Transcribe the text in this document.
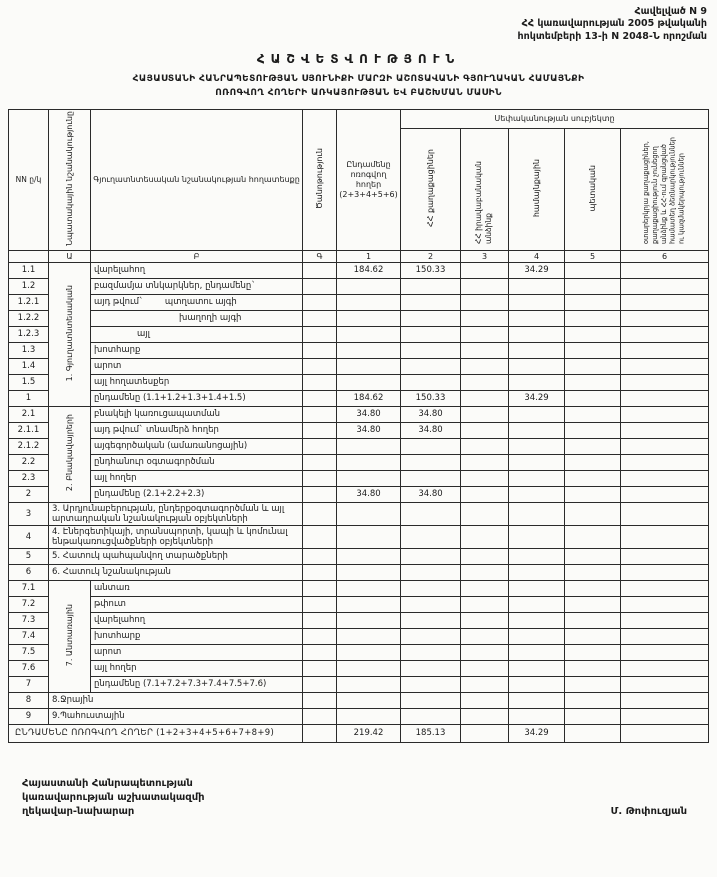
Հավելված N 9
ՀՀ կառավարության 2005 թվականի
հոկտեմբերի 13-ի N 2048-Ն որոշման
ՀԱՇՎԵՏՎՈՒԹՅՈՒՆ
ՀԱՅԱՍՏԱՆԻ ՀԱՆՐԱՊԵՏՈՒԹՅԱՆ ՍՅՈՒՆԻՔԻ ՄԱՐԶԻ ԱՇՈՏԱՎԱՆԻ ԳՅՈՒՂԱԿԱՆ ՀԱՄԱՅՆՔԻ
ՈՌՈԳՎՈՂ ՀՈՂԵՐԻ ԱՌԿԱՅՈՒԹՅԱՆ ԵՎ ԲԱՇԽՄԱՆ ՄԱՍԻՆ
NN ը/կ	Նպատակային նշանակությունը	Գյուղատնտեսական նշանակության հողատեսքը	Ծանոթություն	Ընդամենը ոռոգվող հողեր (2+3+4+5+6)	Սեփականության սուբյեկտը				
					ՀՀ քաղաքացիներ	ՀՀ իրավաբանական անձինք	համայնքային	պետական	օտարերկրյա քաղաքացիներ, քաղաքացիություն չունեցող անձինք և ՀՀ-ում գրանցված համատեղ ձեռնարկություններ ու կազմակերպություններ
	Ա	Բ	Գ	1	2	3	4	5	6
1.1	1. Գյուղատնտեսական	վարելահող		184.62	150.33		34.29		
1.2		բազմամյա տնկարկներ, ընդամենը`							
1.2.1		այդ թվում`        պտղատու այգի							
1.2.2		խաղողի այգի							
1.2.3		այլ							
1.3		խոտհարք							
1.4		արոտ							
1.5		այլ հողատեսքեր							
1		ընդամենը (1.1+1.2+1.3+1.4+1.5)		184.62	150.33		34.29		
2.1	2. Բնակավայրերի	բնակելի կառուցապատման		34.80	34.80				
2.1.1		այդ թվում` տնամերձ հողեր		34.80	34.80				
2.1.2		այգեգործական (ամառանոցային)							
2.2		ընդհանուր օգտագործման							
2.3		այլ հողեր							
2		ընդամենը (2.1+2.2+2.3)		34.80	34.80				
3	3. Արդյունաբերության, ընդերքօգտագործման և այլ արտադրական նշանակության օբյեկտների								
4	4. Էներգետիկայի, տրանսպորտի, կապի և կոմունալ ենթակառուցվածքների օբյեկտների								
5	5. Հատուկ պահպանվող տարածքների								
6	6. Հատուկ նշանակության								
7.1	7. Անտառային	անտառ							
7.2		թփուտ							
7.3		վարելահող							
7.4		խոտհարք							
7.5		արոտ							
7.6		այլ հողեր							
7		ընդամենը (7.1+7.2+7.3+7.4+7.5+7.6)							
8	8.Ջրային								
9	9.Պահուստային								
ԸՆԴԱՄԵՆԸ ՈՌՈԳՎՈՂ ՀՈՂԵՐ (1+2+3+4+5+6+7+8+9)				219.42	185.13		34.29		
Հայաստանի Հանրապետության
կառավարության աշխատակազմի
ղեկավար-նախարար	Մ. Թոփուզյան
